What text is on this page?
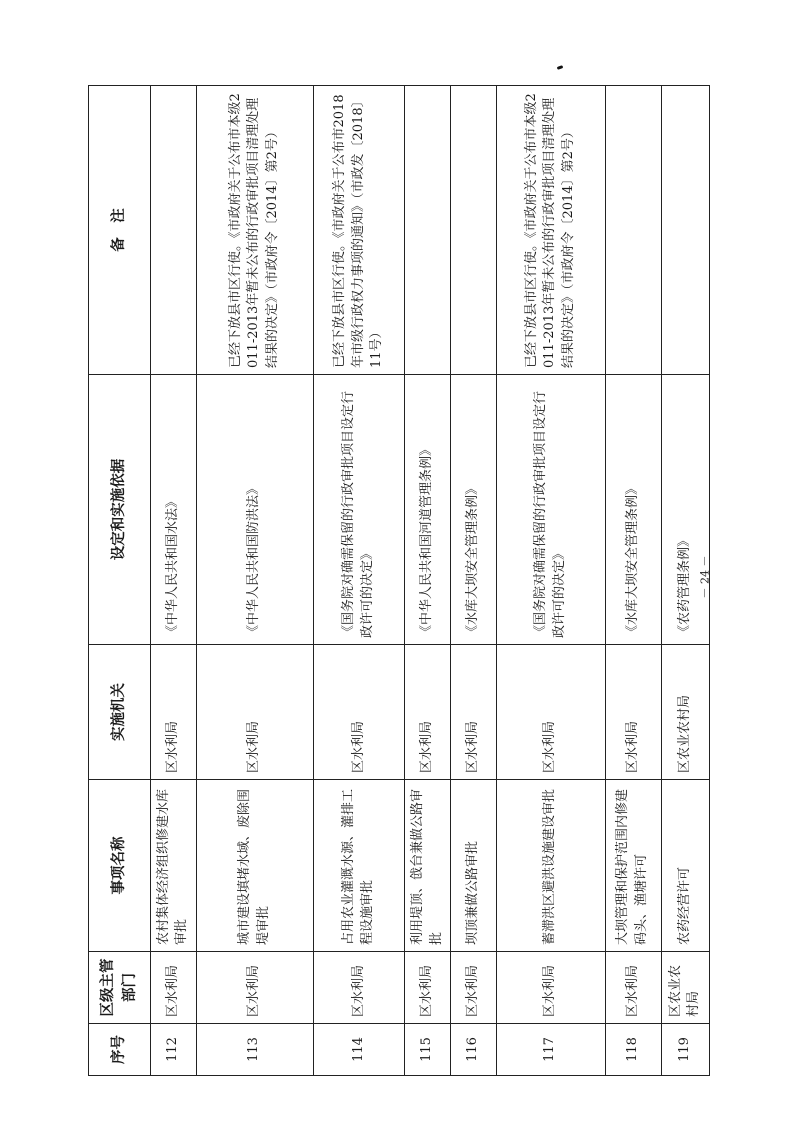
序号	区级主管部门	事项名称	实施机关	设定和实施依据	备　注
112	区水利局	农村集体经济组织修建水库审批	区水利局	《中华人民共和国水法》	
113	区水利局	城市建设填堵水域、废除围堤审批	区水利局	《中华人民共和国防洪法》	已经下放县市区行使。《市政府关于公布市本级2011-2013年暂未公布的行政审批项目清理处理结果的决定》（市政府令〔2014〕第2号）
114	区水利局	占用农业灌溉水源、灌排工程设施审批	区水利局	《国务院对确需保留的行政审批项目设定行政许可的决定》	已经下放县市区行使。《市政府关于公布市2018年市级行政权力事项的通知》（市政发〔2018〕11号）
115	区水利局	利用堤顶、戗台兼做公路审批	区水利局	《中华人民共和国河道管理条例》	
116	区水利局	坝顶兼做公路审批	区水利局	《水库大坝安全管理条例》	
117	区水利局	蓄滞洪区避洪设施建设审批	区水利局	《国务院对确需保留的行政审批项目设定行政许可的决定》	已经下放县市区行使。《市政府关于公布市本级2011-2013年暂未公布的行政审批项目清理处理结果的决定》（市政府令〔2014〕第2号）
118	区水利局	大坝管理和保护范围内修建码头、渔塘许可	区水利局	《水库大坝安全管理条例》	
119	区农业农村局	农药经营许可	区农业农村局	《农药管理条例》	－ 24 －
